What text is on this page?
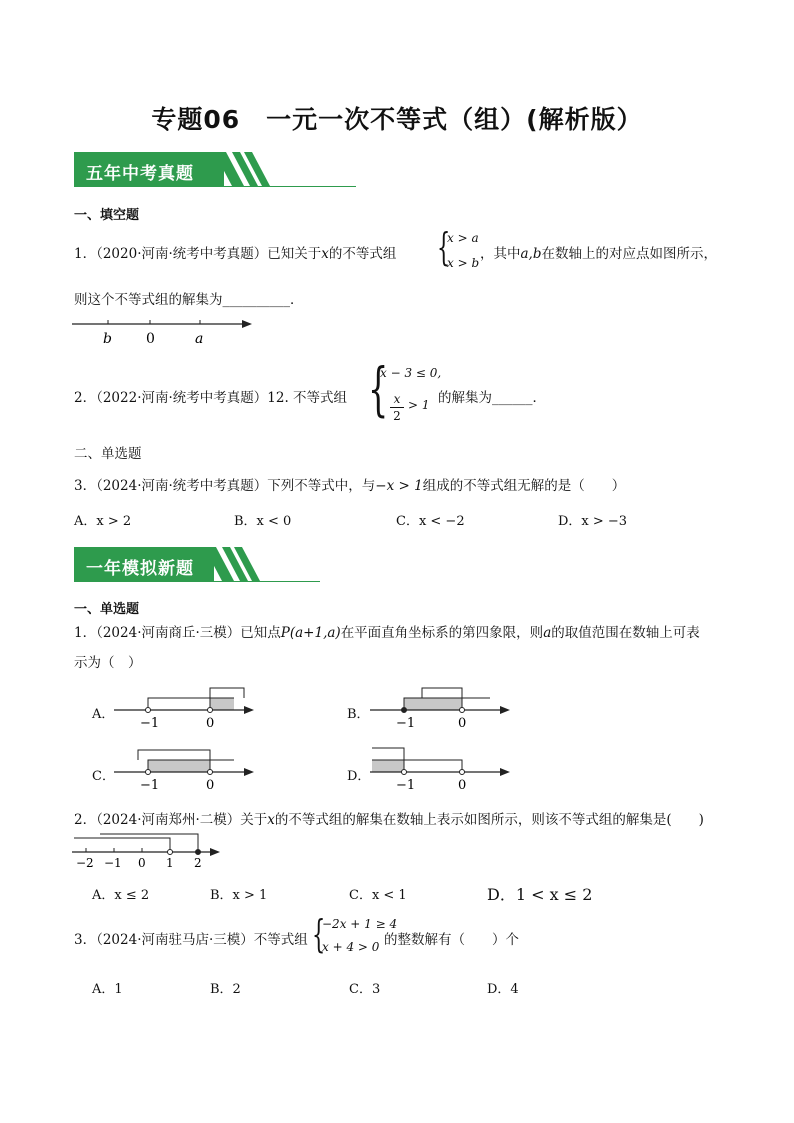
专题06　一元一次不等式（组）(解析版）
五年中考真题
一、填空题
1．（2020·河南·统考中考真题）已知关于x的不等式组 {
x > a
x > b
，其中a,b在数轴上的对应点如图所示，
则这个不等式组的解集为__________．
b 0	a
2．（2022·河南·统考中考真题）12. 不等式组 {
x − 3 ≤ 0,
x
2
> 1 的解集为______．
二、单选题
3．（2024·河南·统考中考真题）下列不等式中，与−x > 1组成的不等式组无解的是（　　）
A．x > 2	B．x < 0	C．x < −2	D．x > −3
一年模拟新题
一、单选题
1．（2024·河南商丘·三模）已知点P(a+1,a)在平面直角坐标系的第四象限，则a的取值范围在数轴上可表
示为（　）
A．
−1	0
B．
−1	0
C．
−1	0
D．
−1	0
2．（2024·河南郑州·二模）关于x的不等式组的解集在数轴上表示如图所示，则该不等式组的解集是(　　)
−2 −1 0 1 2
A．x ≤ 2	B．x > 1	C．x < 1	D．1 < x ≤ 2
3．（2024·河南驻马店·三模）不等式组 {
−2x + 1 ≥ 4
x + 4 > 0 的整数解有（　　）个
A．1	B．2	C．3	D．4
